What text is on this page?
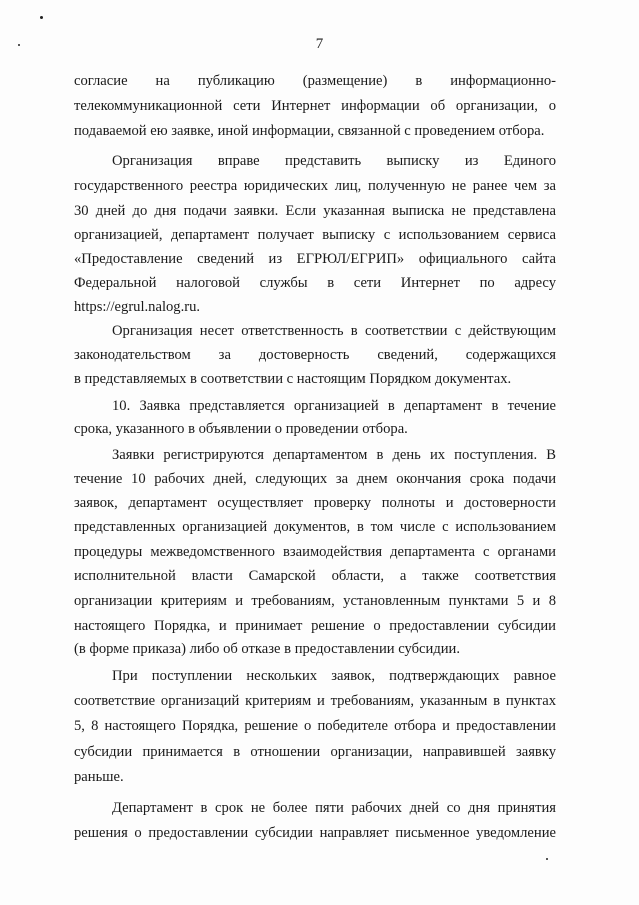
7
согласие на публикацию (размещение) в информационно-
телекоммуникационной сети Интернет информации об организации, о
подаваемой ею заявке, иной информации, связанной с проведением отбора.
Организация вправе представить выписку из Единого
государственного реестра юридических лиц, полученную не ранее чем за
30 дней до дня подачи заявки. Если указанная выписка не представлена
организацией, департамент получает выписку с использованием сервиса
«Предоставление сведений из ЕГРЮЛ/ЕГРИП» официального сайта
Федеральной налоговой службы в сети Интернет по адресу
https://egrul.nalog.ru.
Организация несет ответственность в соответствии с действующим
законодательством за достоверность сведений, содержащихся
в представляемых в соответствии с настоящим Порядком документах.
10. Заявка представляется организацией в департамент в течение
срока, указанного в объявлении о проведении отбора.
Заявки регистрируются департаментом в день их поступления. В
течение 10 рабочих дней, следующих за днем окончания срока подачи
заявок, департамент осуществляет проверку полноты и достоверности
представленных организацией документов, в том числе с использованием
процедуры межведомственного взаимодействия департамента с органами
исполнительной власти Самарской области, а также соответствия
организации критериям и требованиям, установленным пунктами 5 и 8
настоящего Порядка, и принимает решение о предоставлении субсидии
(в форме приказа) либо об отказе в предоставлении субсидии.
При поступлении нескольких заявок, подтверждающих равное
соответствие организаций критериям и требованиям, указанным в пунктах
5, 8 настоящего Порядка, решение о победителе отбора и предоставлении
субсидии принимается в отношении организации, направившей заявку
раньше.
Департамент в срок не более пяти рабочих дней со дня принятия
решения о предоставлении субсидии направляет письменное уведомление
